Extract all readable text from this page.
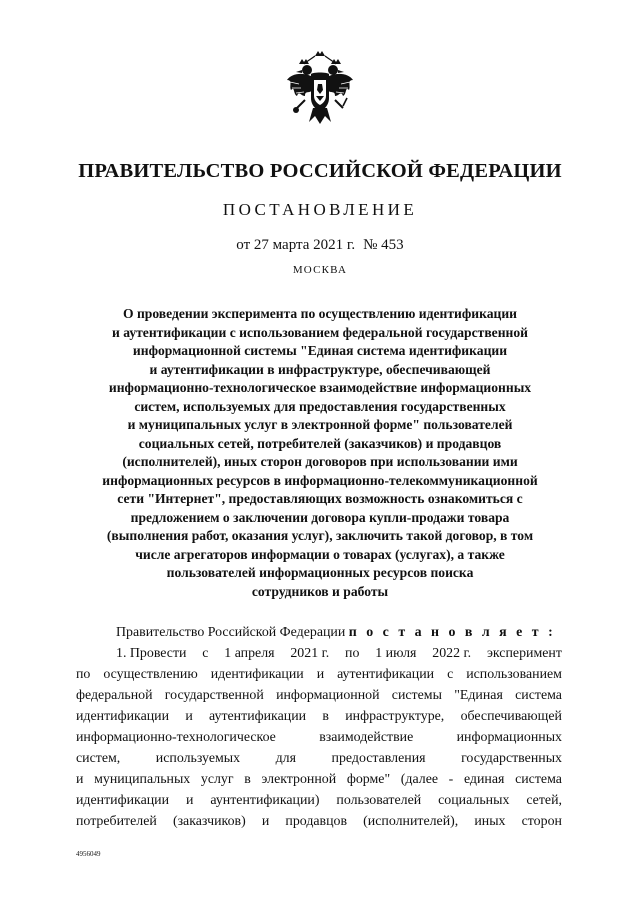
ПРАВИТЕЛЬСТВО РОССИЙСКОЙ ФЕДЕРАЦИИ
ПОСТАНОВЛЕНИЕ
от 27 марта 2021 г. № 453
МОСКВА
О проведении эксперимента по осуществлению идентификации
и аутентификации с использованием федеральной государственной
информационной системы "Единая система идентификации
и аутентификации в инфраструктуре, обеспечивающей
информационно-технологическое взаимодействие информационных
систем, используемых для предоставления государственных
и муниципальных услуг в электронной форме" пользователей
социальных сетей, потребителей (заказчиков) и продавцов
(исполнителей), иных сторон договоров при использовании ими
информационных ресурсов в информационно-телекоммуникационной
сети "Интернет", предоставляющих возможность ознакомиться с
предложением о заключении договора купли-продажи товара
(выполнения работ, оказания услуг), заключить такой договор, в том
числе агрегаторов информации о товарах (услугах), а также
пользователей информационных ресурсов поиска
сотрудников и работы
Правительство Российской Федерации п о с т а н о в л я е т :
1. Провести с 1 апреля 2021 г. по 1 июля 2022 г. эксперимент
по осуществлению идентификации и аутентификации с использованием
федеральной государственной информационной системы "Единая система
идентификации и аутентификации в инфраструктуре, обеспечивающей
информационно-технологическое	взаимодействие	информационных
систем,	используемых	для	предоставления	государственных
и муниципальных услуг в электронной форме" (далее - единая система
идентификации и аунтентификации) пользователей социальных сетей,
потребителей (заказчиков) и продавцов (исполнителей), иных сторон
4956049
